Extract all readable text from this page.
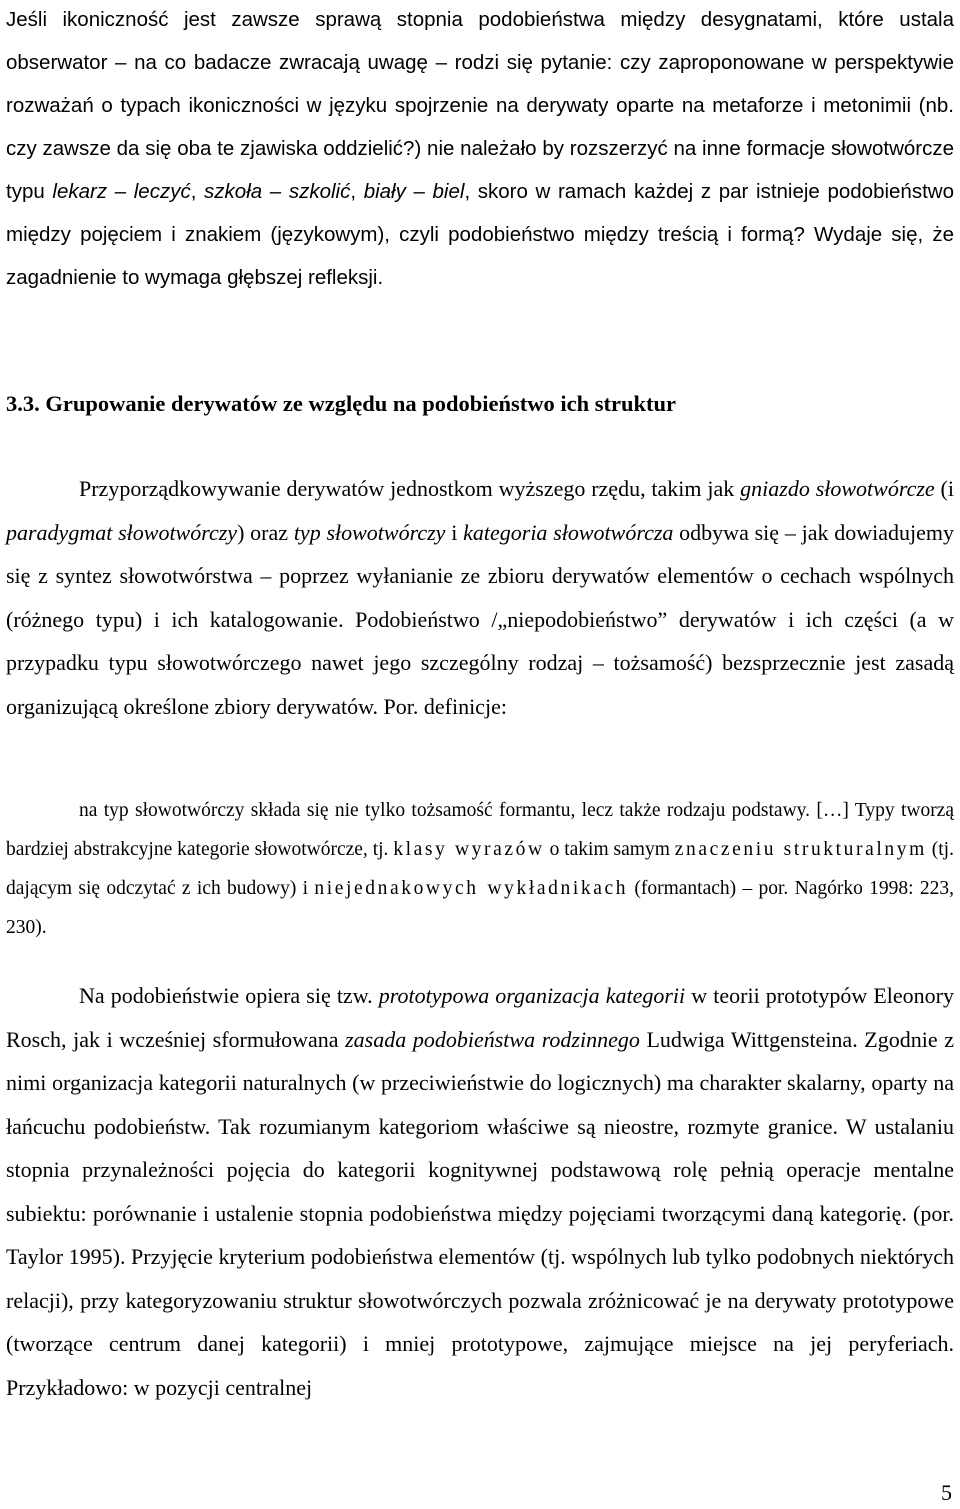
Jeśli ikoniczność jest zawsze sprawą stopnia podobieństwa między desygnatami, które ustala obserwator – na co badacze zwracają uwagę – rodzi się pytanie: czy zaproponowane w perspektywie rozważań o typach ikoniczności w języku spojrzenie na derywaty oparte na metaforze i metonimii (nb. czy zawsze da się oba te zjawiska oddzielić?) nie należało by rozszerzyć na inne formacje słowotwórcze typu lekarz – leczyć, szkoła – szkolić, biały – biel, skoro w ramach każdej z par istnieje podobieństwo między pojęciem i znakiem (językowym), czyli podobieństwo między treścią i formą? Wydaje się, że zagadnienie to wymaga głębszej refleksji.

3.3. Grupowanie derywatów ze względu na podobieństwo ich struktur

Przyporządkowywanie derywatów jednostkom wyższego rzędu, takim jak gniazdo słowotwórcze (i paradygmat słowotwórczy) oraz typ słowotwórczy i kategoria słowotwórcza odbywa się – jak dowiadujemy się z syntez słowotwórstwa – poprzez wyłanianie ze zbioru derywatów elementów o cechach wspólnych (różnego typu) i ich katalogowanie. Podobieństwo /„niepodobieństwo” derywatów i ich części (a w przypadku typu słowotwórczego nawet jego szczególny rodzaj – tożsamość) bezsprzecznie jest zasadą organizującą określone zbiory derywatów. Por. definicje:

na typ słowotwórczy składa się nie tylko tożsamość formantu, lecz także rodzaju podstawy. […] Typy tworzą bardziej abstrakcyjne kategorie słowotwórcze, tj. klasy wyrazów o takim samym znaczeniu strukturalnym (tj. dającym się odczytać z ich budowy) i niejednakowych wykładnikach (formantach) – por. Nagórko 1998: 223, 230).

Na podobieństwie opiera się tzw. prototypowa organizacja kategorii w teorii prototypów Eleonory Rosch, jak i wcześniej sformułowana zasada podobieństwa rodzinnego Ludwiga Wittgensteina. Zgodnie z nimi organizacja kategorii naturalnych (w przeciwieństwie do logicznych) ma charakter skalarny, oparty na łańcuchu podobieństw. Tak rozumianym kategoriom właściwe są nieostre, rozmyte granice. W ustalaniu stopnia przynależności pojęcia do kategorii kognitywnej podstawową rolę pełnią operacje mentalne subiektu: porównanie i ustalenie stopnia podobieństwa między pojęciami tworzącymi daną kategorię. (por. Taylor 1995). Przyjęcie kryterium podobieństwa elementów (tj. wspólnych lub tylko podobnych niektórych relacji), przy kategoryzowaniu struktur słowotwórczych pozwala zróżnicować je na derywaty prototypowe (tworzące centrum danej kategorii) i mniej prototypowe, zajmujące miejsce na jej peryferiach. Przykładowo: w pozycji centralnej

5
